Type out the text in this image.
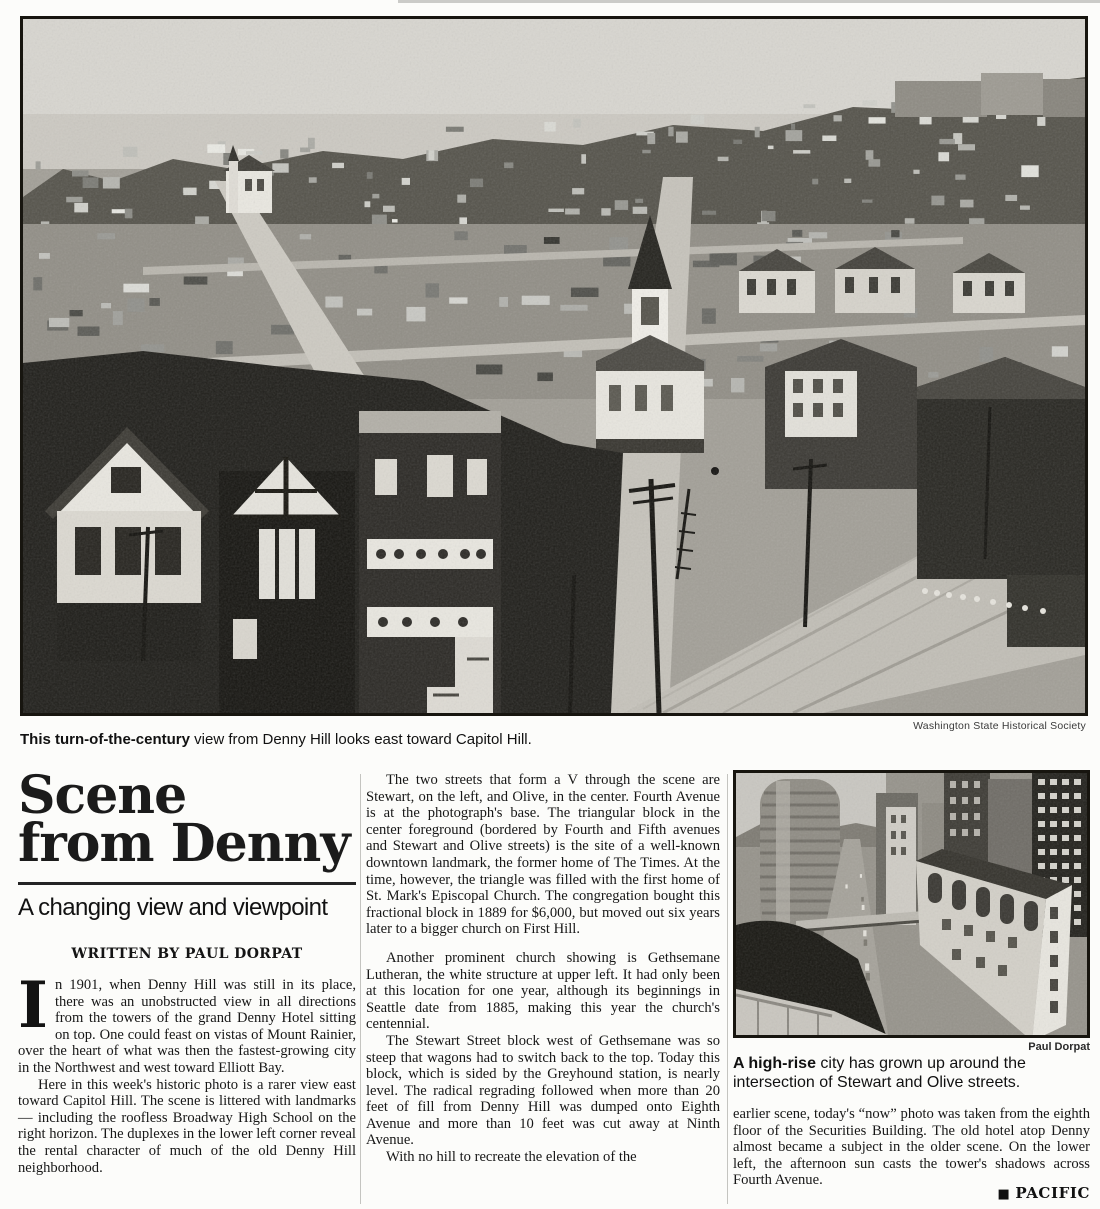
Washington State Historical Society
This turn-of-the-century view from Denny Hill looks east toward Capitol Hill.
Scene
from Denny
A changing view and viewpoint
WRITTEN BY PAUL DORPAT

In 1901, when Denny Hill was still in its place, there was an unobstructed view in all directions from the towers of the grand Denny Hotel sitting on top. One could feast on vistas of Mount Rainier, over the heart of what was then the fastest-growing city in the Northwest and west toward Elliott Bay.

Here in this week's historic photo is a rarer view east toward Capitol Hill. The scene is littered with landmarks — including the roofless Broadway High School on the right horizon. The duplexes in the lower left corner reveal the rental character of much of the old Denny Hill neighborhood.

The two streets that form a V through the scene are Stewart, on the left, and Olive, in the center. Fourth Avenue is at the photograph's base. The triangular block in the center foreground (bordered by Fourth and Fifth avenues and Stewart and Olive streets) is the site of a well-known downtown landmark, the former home of The Times. At the time, however, the triangle was filled with the first home of St. Mark's Episcopal Church. The congregation bought this fractional block in 1889 for $6,000, but moved out six years later to a bigger church on First Hill.

Another prominent church showing is Gethsemane Lutheran, the white structure at upper left. It had only been at this location for one year, although its beginnings in Seattle date from 1885, making this year the church's centennial.

The Stewart Street block west of Gethsemane was so steep that wagons had to switch back to the top. Today this block, which is sided by the Greyhound station, is nearly level. The radical regrading followed when more than 20 feet of fill from Denny Hill was dumped onto Eighth Avenue and more than 10 feet was cut away at Ninth Avenue.

With no hill to recreate the elevation of the

Paul Dorpat
A high-rise city has grown up around the intersection of Stewart and Olive streets.

earlier scene, today's “now” photo was taken from the eighth floor of the Securities Building. The old hotel atop Denny almost became a subject in the older scene. On the lower left, the afternoon sun casts the tower's shadows across Fourth Avenue.

■ PACIFIC
